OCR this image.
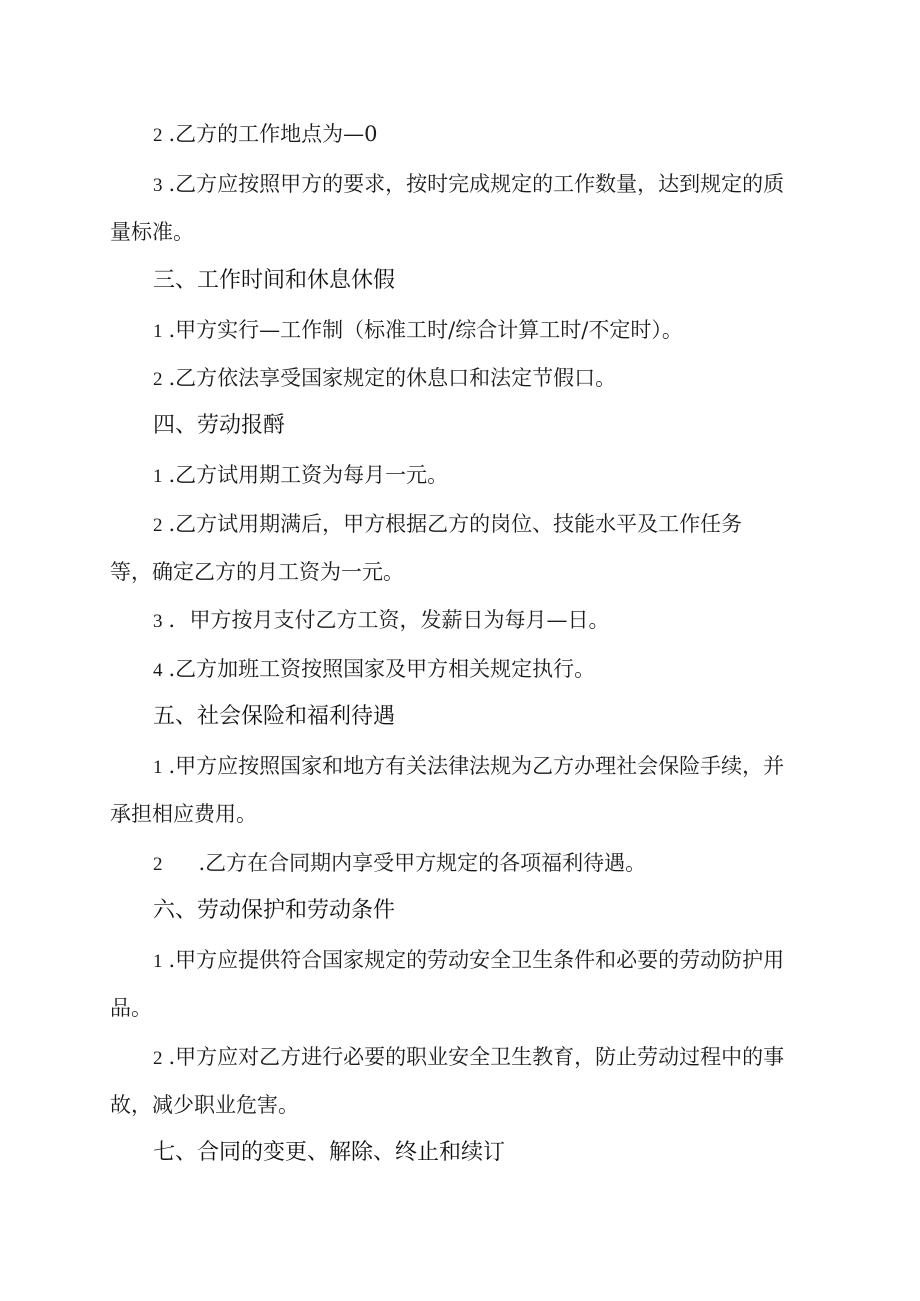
2 .乙方的工作地点为—0
3 .乙方应按照甲方的要求，按时完成规定的工作数量，达到规定的质
量标准。
三、工作时间和休息休假
1 .甲方实行—工作制（标准工时/综合计算工时/不定时）。
2 .乙方依法享受国家规定的休息口和法定节假口。
四、劳动报酹
1 .乙方试用期工资为每月一元。
2 .乙方试用期满后，甲方根据乙方的岗位、技能水平及工作任务
等，确定乙方的月工资为一元。
3 ．甲方按月支付乙方工资，发薪日为每月—日。
4 .乙方加班工资按照国家及甲方相关规定执行。
五、社会保险和福利待遇
1 .甲方应按照国家和地方有关法律法规为乙方办理社会保险手续，并
承担相应费用。
2 .乙方在合同期内享受甲方规定的各项福利待遇。
六、劳动保护和劳动条件
1 .甲方应提供符合国家规定的劳动安全卫生条件和必要的劳动防护用
品。
2 .甲方应对乙方进行必要的职业安全卫生教育，防止劳动过程中的事
故，减少职业危害。
七、合同的变更、解除、终止和续订
